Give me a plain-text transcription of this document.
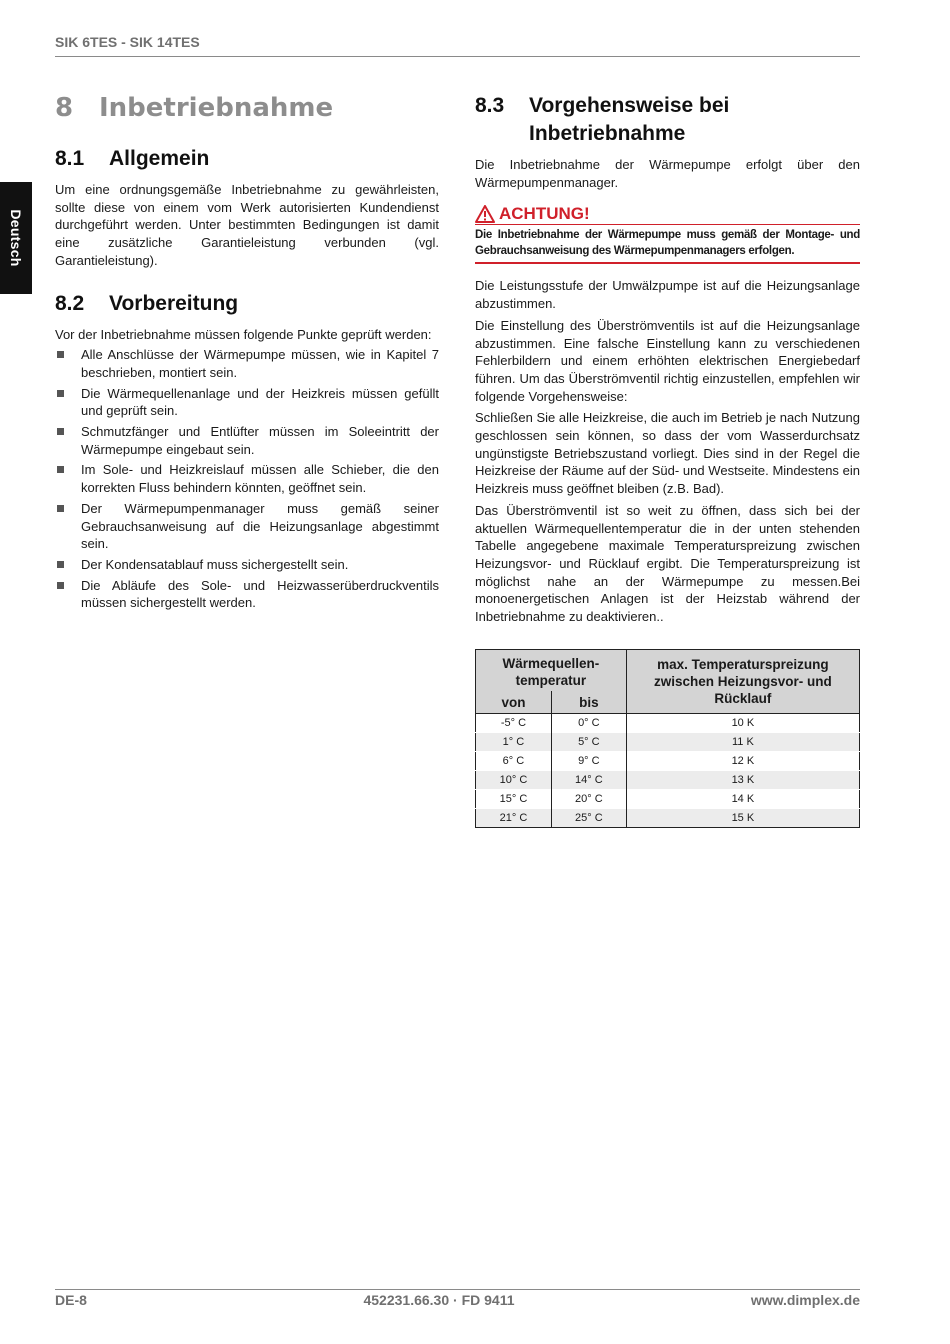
SIK 6TES - SIK 14TES
Deutsch
8 Inbetriebnahme
8.1	Allgemein

Um eine ordnungsgemäße Inbetriebnahme zu gewährleisten, sollte diese von einem vom Werk autorisierten Kundendienst durchgeführt werden. Unter bestimmten Bedingungen ist damit eine zusätzliche Garantieleistung verbunden (vgl. Garantieleistung).

8.2	Vorbereitung

Vor der Inbetriebnahme müssen folgende Punkte geprüft werden:

Alle Anschlüsse der Wärmepumpe müssen, wie in Kapitel 7 beschrieben, montiert sein.
Die Wärmequellenanlage und der Heizkreis müssen gefüllt und geprüft sein.
Schmutzfänger und Entlüfter müssen im Soleeintritt der Wärmepumpe eingebaut sein.
Im Sole- und Heizkreislauf müssen alle Schieber, die den korrekten Fluss behindern könnten, geöffnet sein.
Der Wärmepumpenmanager muss gemäß seiner Gebrauchsanweisung auf die Heizungsanlage abgestimmt sein.
Der Kondensatablauf muss sichergestellt sein.
Die Abläufe des Sole- und Heizwasserüberdruckventils müssen sichergestellt werden.
8.3	Vorgehensweise bei
Inbetriebnahme

Die Inbetriebnahme der Wärmepumpe erfolgt über den Wärmepumpenmanager.

ACHTUNG!
Die Inbetriebnahme der Wärmepumpe muss gemäß der Montage- und Gebrauchsanweisung des Wärmepumpenmanagers erfolgen.

Die Leistungsstufe der Umwälzpumpe ist auf die Heizungsanlage abzustimmen.

Die Einstellung des Überströmventils ist auf die Heizungsanlage abzustimmen. Eine falsche Einstellung kann zu verschiedenen Fehlerbildern und einem erhöhten elektrischen Energiebedarf führen. Um das Überströmventil richtig einzustellen, empfehlen wir folgende Vorgehensweise:

Schließen Sie alle Heizkreise, die auch im Betrieb je nach Nutzung geschlossen sein können, so dass der vom Wasserdurchsatz ungünstigste Betriebszustand vorliegt. Dies sind in der Regel die Heizkreise der Räume auf der Süd- und Westseite. Mindestens ein Heizkreis muss geöffnet bleiben (z.B. Bad).

Das Überströmventil ist so weit zu öffnen, dass sich bei der aktuellen Wärmequellentemperatur die in der unten stehenden Tabelle angegebene maximale Temperaturspreizung zwischen Heizungsvor- und Rücklauf ergibt. Die Temperaturspreizung ist möglichst nahe an der Wärmepumpe zu messen.Bei monoenergetischen Anlagen ist der Heizstab während der Inbetriebnahme zu deaktivieren..

Wärmequellen-temperatur		max. Temperaturspreizung zwischen Heizungsvor- und Rücklauf
von	bis	
-5° C	0° C	10 K
1° C	5° C	11 K
6° C	9° C	12 K
10° C	14° C	13 K
15° C	20° C	14 K
21° C	25° C	15 K
DE-8	452231.66.30 · FD 9411	www.dimplex.de
